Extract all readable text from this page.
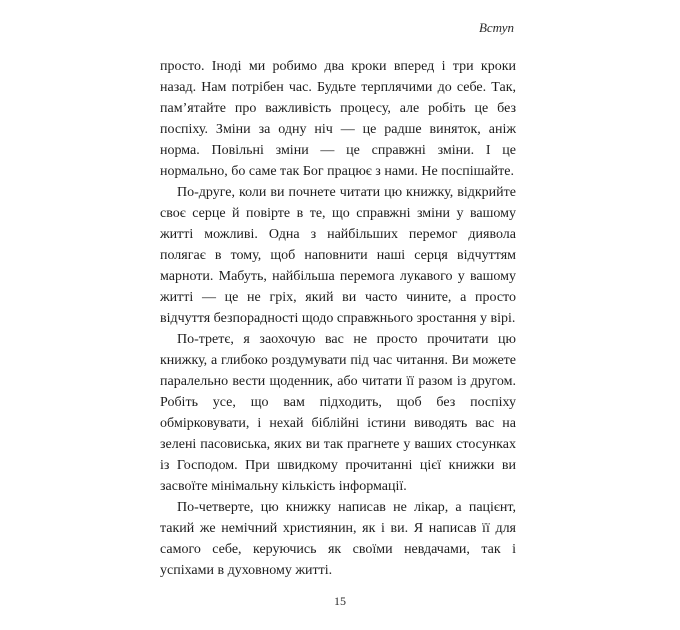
Вступ

просто. Іноді ми робимо два кроки вперед і три кроки назад. Нам потрібен час. Будьте терплячими до себе. Так, пам’ятайте про важливість процесу, але робіть це без поспіху. Зміни за одну ніч — це радше виняток, аніж норма. Повільні зміни — це справжні зміни. І це нормально, бо саме так Бог працює з нами. Не поспішайте.

По-друге, коли ви почнете читати цю книжку, відкрийте своє серце й повірте в те, що справжні зміни у вашому житті можливі. Одна з найбільших перемог диявола полягає в тому, щоб наповнити наші серця відчуттям марноти. Мабуть, найбільша перемога лукавого у вашому житті — це не гріх, який ви часто чините, а просто відчуття безпорадності щодо справжнього зростання у вірі.

По-третє, я заохочую вас не просто прочитати цю книжку, а глибоко роздумувати під час читання. Ви можете паралельно вести щоденник, або читати її разом із другом. Робіть усе, що вам підходить, щоб без поспіху обмірковувати, і нехай біблійні істини виводять вас на зелені пасовиська, яких ви так прагнете у ваших стосунках із Господом. При швидкому прочитанні цієї книжки ви засвоїте мінімальну кількість інформації.

По-четверте, цю книжку написав не лікар, а пацієнт, такий же немічний християнин, як і ви. Я написав її для самого себе, керуючись як своїми невдачами, так і успіхами в духовному житті.

15
